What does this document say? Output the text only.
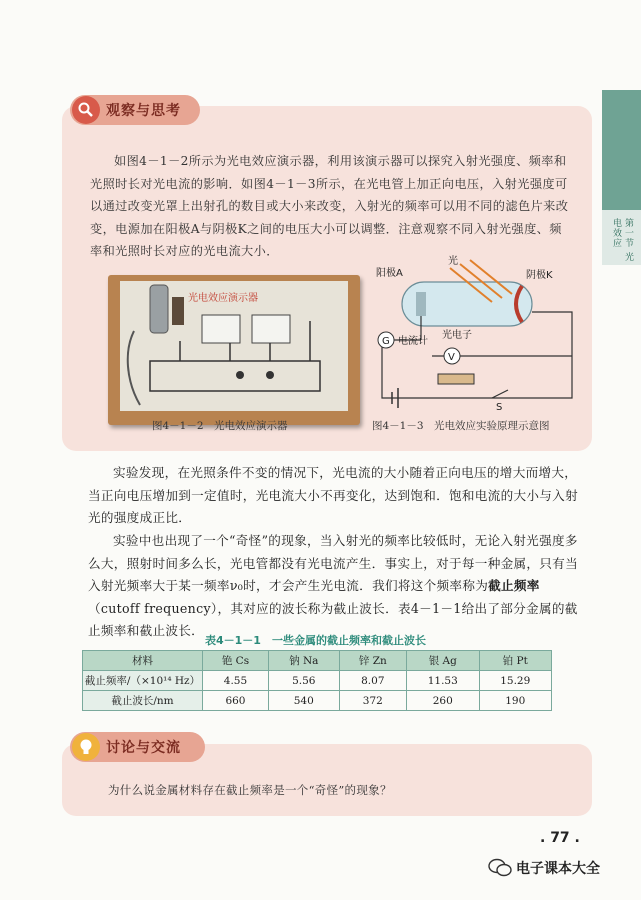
第一节 光电效应
观察与思考
如图4－1－2所示为光电效应演示器，利用该演示器可以探究入射光强度、频率和光照时长对光电流的影响．如图4－1－3所示，在光电管上加正向电压，入射光强度可以通过改变光罩上出射孔的数目或大小来改变，入射光的频率可以用不同的滤色片来改变，电源加在阳极A与阴极K之间的电压大小可以调整．注意观察不同入射光强度、频率和光照时长对应的光电流大小．
光电效应演示器
图4－1－2　光电效应演示器
光
阳极A	阴极K
G 电流计
光电子
V
S
图4－1－3　光电效应实验原理示意图
实验发现，在光照条件不变的情况下，光电流的大小随着正向电压的增大而增大，当正向电压增加到一定值时，光电流大小不再变化，达到饱和．饱和电流的大小与入射光的强度成正比．
实验中也出现了一个“奇怪”的现象，当入射光的频率比较低时，无论入射光强度多么大，照射时间多么长，光电管都没有光电流产生．事实上，对于每一种金属，只有当入射光频率大于某一频率ν₀时，才会产生光电流．我们将这个频率称为截止频率（cutoff frequency），其对应的波长称为截止波长．表4－1－1给出了部分金属的截止频率和截止波长．
表4－1－1　一些金属的截止频率和截止波长
材料	铯 Cs	钠 Na	锌 Zn	银 Ag	铂 Pt
截止频率/（×10¹⁴ Hz）	4.55	5.56	8.07	11.53	15.29
截止波长/nm	660	540	372	260	190
讨论与交流
为什么说金属材料存在截止频率是一个“奇怪”的现象？
. 77 .
电子课本大全
